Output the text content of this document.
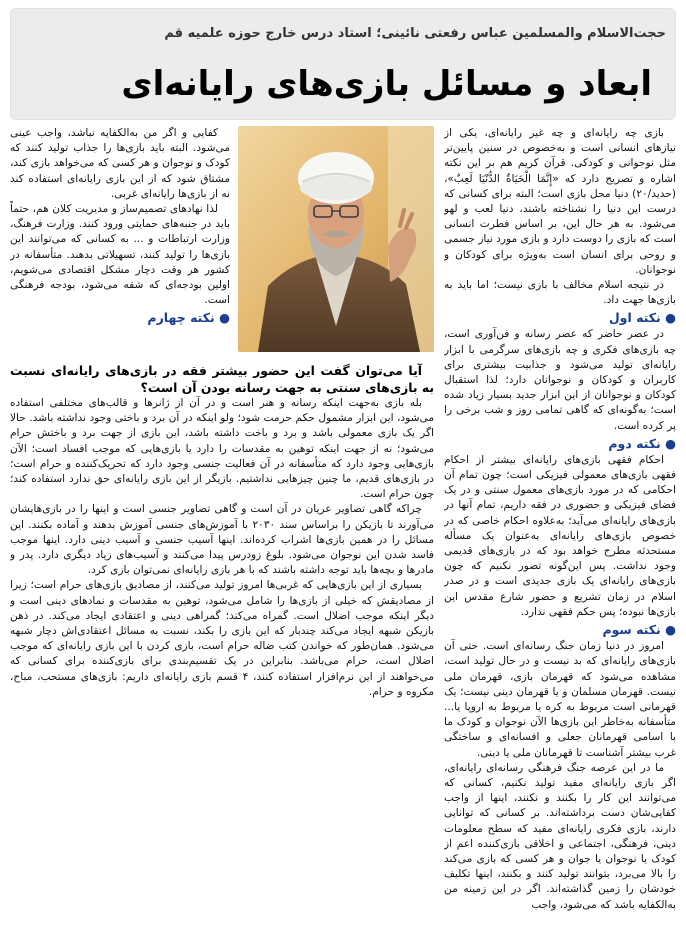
حجت‌الاسلام والمسلمین عباس رفعتی نائینی؛ استاد درس خارج حوزه علمیه قم
ابعاد و مسائل بازی‌های رایانه‌ای

بازی چه رایانه‌ای و چه غیر رایانه‌ای، یکی از نیازهای انسانی است و به‌خصوص در سنین پایین‌تر مثل نوجوانی و کودکی. قرآن کریم هم بر این نکته اشاره و تصریح دارد که «إِنَّمَا الْحَیَاةُ الدُّنْیَا لَعِبٌ»، (حدید/۲۰) دنیا محل بازی است؛ البته برای کسانی که درست این دنیا را نشناخته باشند، دنیا لعب و لهو می‌شود. به هر حال این، بر اساس فطرت انسانی است که بازی را دوست دارد و بازی مورد نیاز جسمی و روحی برای انسان است به‌ویژه برای کودکان و نوجوانان.

در نتیجه اسلام مخالف با بازی نیست؛ اما باید به بازی‌ها جهت داد.

● نکته اول

در عصر حاضر که عصر رسانه و فن‌آوری است، چه بازی‌های فکری و چه بازی‌های سرگرمی با ابزار رایانه‌ای تولید می‌شود و جذابیت بیشتری برای کاربران و کودکان و نوجوانان دارد؛ لذا استقبال کودکان و نوجوانان از این ابزار جدید بسیار زیاد شده است؛ به‌گونه‌ای که گاهی تمامی روز و شب برخی را پر کرده است.

● نکته دوم

احکام فقهی بازی‌های رایانه‌ای بیشتر از احکام فقهی بازی‌های معمولی فیزیکی است؛ چون تمام آن احکامی که در مورد بازی‌های معمول سنتی و در یک فضای فیزیکی و حضوری در فقه داریم، تمام آنها در بازی‌های رایانه‌ای می‌آید؛ به‌علاوه احکام خاصی که در خصوص بازی‌های رایانه‌ای به‌عنوان یک مسأله مستحدثه مطرح خواهد بود که در بازی‌های قدیمی وجود نداشت. پس این‌گونه تصور نکنیم که چون بازی‌های رایانه‌ای یک بازی جدیدی است و در صدر اسلام در زمان تشریع و حضور شارع مقدس این بازی‌ها نبوده؛ پس حکم فقهی ندارد.

● نکته سوم

امروز در دنیا زمان جنگ رسانه‌ای است. حتی آن بازی‌های رایانه‌ای که بد نیست و در حال تولید است، مشاهده می‌شود که قهرمان بازی، قهرمان ملی نیست. قهرمان مسلمان و یا قهرمان دینی نیست؛ یک قهرمانی است مربوط به کره یا مربوط به اروپا یا... متأسفانه به‌خاطر این بازی‌ها الآن نوجوان و کودک ما با اسامی قهرمانان جعلی و افسانه‌ای و ساختگی غرب بیشتر آشناست تا قهرمانان ملی یا دینی.

ما در این عرصه جنگ فرهنگی رسانه‌ای رایانه‌ای، اگر بازی رایانه‌ای مفید تولید نکنیم، کسانی که می‌توانند این کار را بکنند و نکنند، اینها از واجب کفایی‌شان دست برداشته‌اند. بر کسانی که توانایی دارند، بازی فکری رایانه‌ای مفید که سطح معلومات دینی، فرهنگی، اجتماعی و اخلاقی بازی‌کننده اعم از کودک یا نوجوان یا جوان و هر کسی که بازی می‌کند را بالا می‌برد، بتوانند تولید کنند و بکنند، اینها تکلیف خودشان را زمین گذاشته‌اند. اگر در این زمینه من به‌الکفایه باشد که می‌شود، واجب

کفایی و اگر من به‌الکفایه نباشد، واجب عینی می‌شود. البته باید بازی‌ها را جذاب تولید کنند که کودک و نوجوان و هر کسی که می‌خواهد بازی کند، مشتاق شود که از این بازی رایانه‌ای استفاده کند نه از بازی‌ها رایانه‌ای غربی.

لذا نهادهای تصمیم‌ساز و مدیریت کلان هم، حتماً باید در جنبه‌های حمایتی ورود کنند. وزارت فرهنگ، وزارت ارتباطات و ... به کسانی که می‌توانند این بازی‌ها را تولید کنند، تسهیلاتی بدهند. متأسفانه در کشور هر وقت دچار مشکل اقتصادی می‌شویم، اولین بودجه‌ای که شقه می‌شود، بودجه فرهنگی است.

● نکته چهارم

آیا می‌توان گفت این حضور بیشتر فقه در بازی‌های رایانه‌ای نسبت به بازی‌های سنتی به جهت رسانه بودن آن است؟

بله بازی به‌جهت اینکه رسانه و هنر است و در آن از ژانرها و قالب‌های مختلفی استفاده می‌شود، این ابزار مشمول حکم حرمت شود؛ ولو اینکه در آن برد و باختی وجود نداشته باشد. حالا اگر یک بازی معمولی باشد و برد و باخت داشته باشد، این بازی از جهت برد و باختش حرام می‌شود؛ نه از جهت اینکه توهین به مقدسات را دارد یا بازی‌هایی که موجب افساد است؛ الآن بازی‌هایی وجود دارد که متأسفانه در آن فعالیت جنسی وجود دارد که تحریک‌کننده و حرام است؛ در بازی‌های قدیم، ما چنین چیزهایی نداشتیم. بازیگر از این بازی رایانه‌ای حق ندارد استفاده کند؛ چون حرام است.

چراکه گاهی تصاویر عریان در آن است و گاهی تصاویر جنسی است و اینها را در بازی‌هایشان می‌آورند تا بازیکن را براساس سند ۲۰۳۰ با آموزش‌های جنسی آموزش بدهند و آماده بکنند. این مسائل را در همین بازی‌ها اشراب کرده‌اند. اینها آسیب جنسی و آسیب دینی دارد. اینها موجب فاسد شدن این نوجوان می‌شود. بلوغ زودرس پیدا می‌کنند و آسیب‌های زیاد دیگری دارد. پدر و مادرها و بچه‌ها باید توجه داشته باشند که با هر بازی رایانه‌ای نمی‌توان بازی کرد.

بسیاری از این بازی‌هایی که غربی‌ها امروز تولید می‌کنند، از مصادیق بازی‌های حرام است؛ زیرا از مصادیقش که خیلی از بازی‌ها را شامل می‌شود، توهین به مقدسات و نمادهای دینی است و دیگر اینکه موجب اضلال است. گمراه می‌کند؛ گمراهی دینی و اعتقادی ایجاد می‌کند. در ذهن بازیکن شبهه ایجاد می‌کند چندبار که این بازی را بکند، نسبت به مسائل اعتقادی‌اش دچار شبهه می‌شود. همان‌طور که خواندن کتب ضاله حرام است، بازی کردن با این بازی رایانه‌ای که موجب اضلال است، حرام می‌باشد. بنابراین در یک تقسیم‌بندی برای بازی‌کننده برای کسانی که می‌خواهند از این نرم‌افزار استفاده کنند، ۴ قسم بازی رایانه‌ای داریم: بازی‌های مستحب، مباح، مکروه و حرام.
